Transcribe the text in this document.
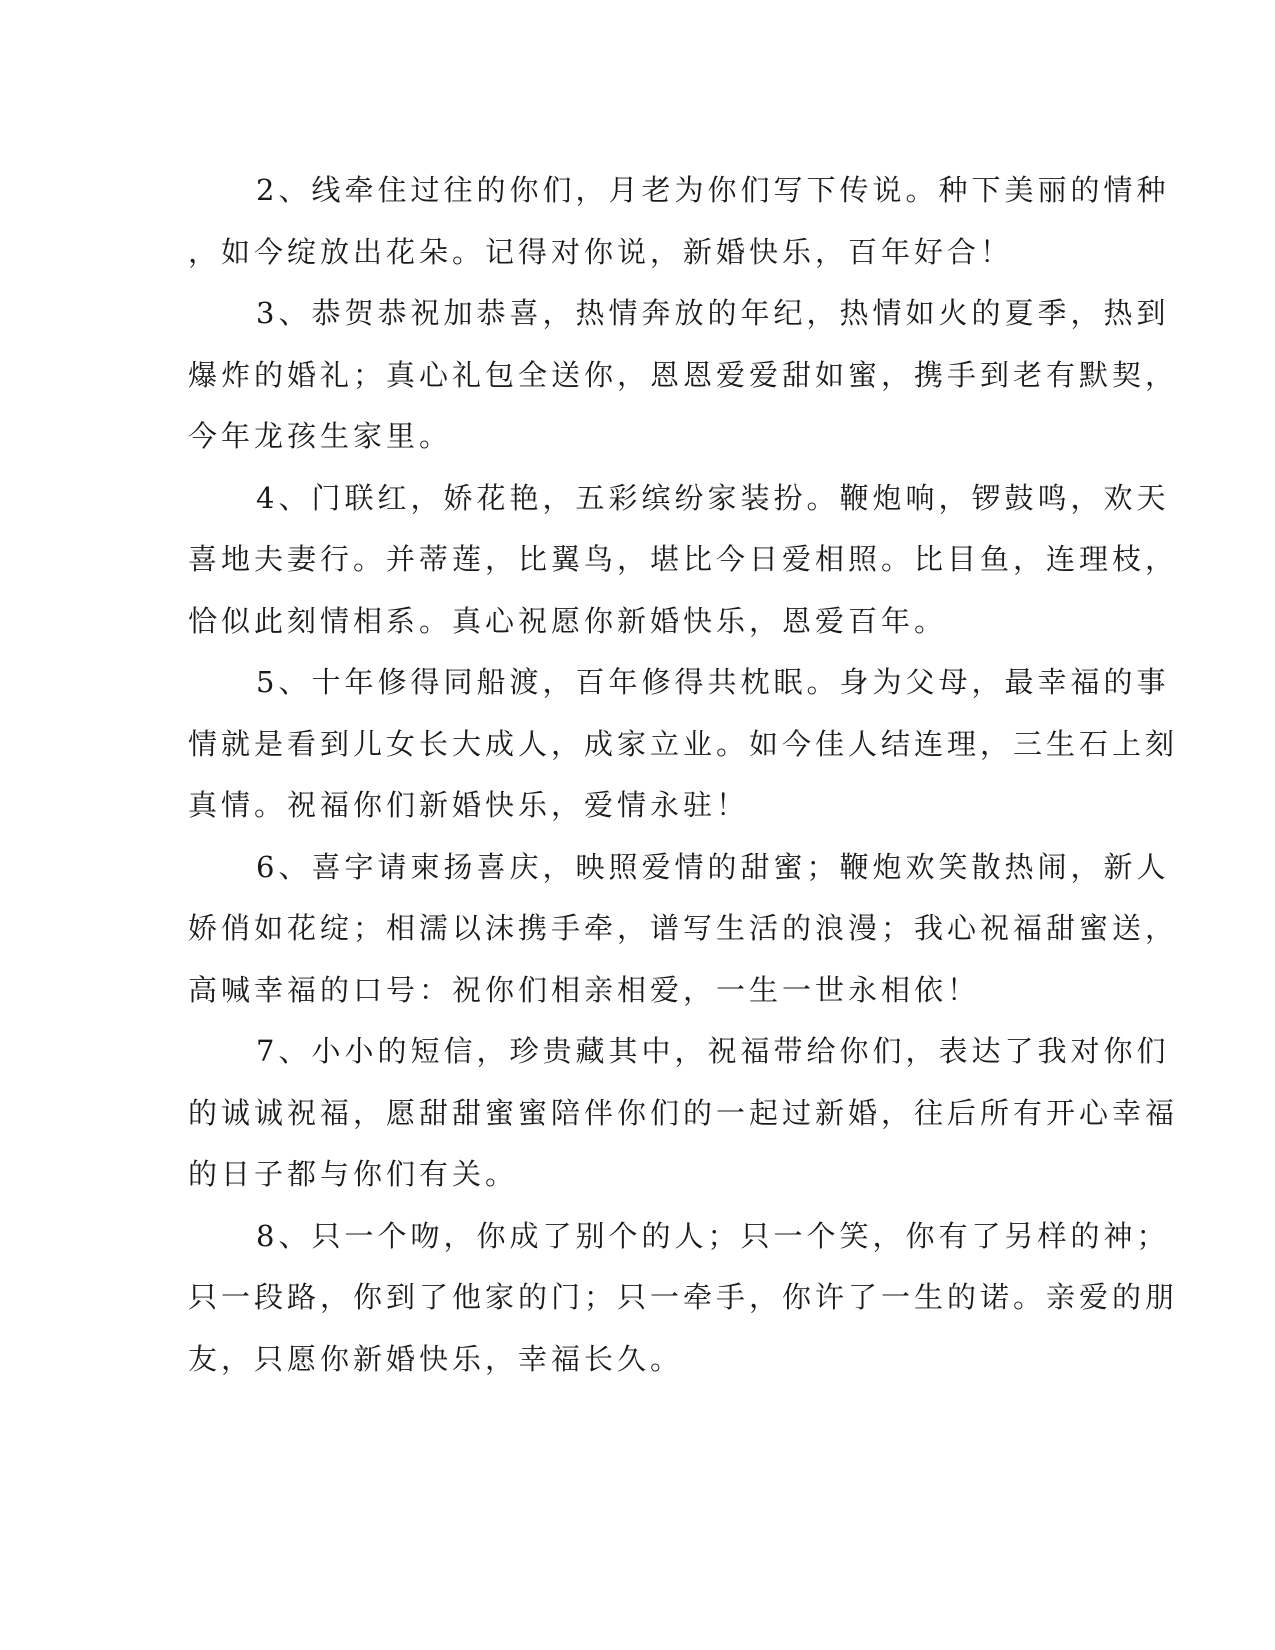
2、线牵住过往的你们，月老为你们写下传说。种下美丽的情种
，如今绽放出花朵。记得对你说，新婚快乐，百年好合！

3、恭贺恭祝加恭喜，热情奔放的年纪，热情如火的夏季，热到
爆炸的婚礼；真心礼包全送你，恩恩爱爱甜如蜜，携手到老有默契，
今年龙孩生家里。

4、门联红，娇花艳，五彩缤纷家装扮。鞭炮响，锣鼓鸣，欢天
喜地夫妻行。并蒂莲，比翼鸟，堪比今日爱相照。比目鱼，连理枝，
恰似此刻情相系。真心祝愿你新婚快乐，恩爱百年。

5、十年修得同船渡，百年修得共枕眠。身为父母，最幸福的事
情就是看到儿女长大成人，成家立业。如今佳人结连理，三生石上刻
真情。祝福你们新婚快乐，爱情永驻！

6、喜字请柬扬喜庆，映照爱情的甜蜜；鞭炮欢笑散热闹，新人
娇俏如花绽；相濡以沫携手牵，谱写生活的浪漫；我心祝福甜蜜送，
高喊幸福的口号：祝你们相亲相爱，一生一世永相依！

7、小小的短信，珍贵藏其中，祝福带给你们，表达了我对你们
的诚诚祝福，愿甜甜蜜蜜陪伴你们的一起过新婚，往后所有开心幸福
的日子都与你们有关。

8、只一个吻，你成了别个的人；只一个笑，你有了另样的神；
只一段路，你到了他家的门；只一牵手，你许了一生的诺。亲爱的朋
友，只愿你新婚快乐，幸福长久。
